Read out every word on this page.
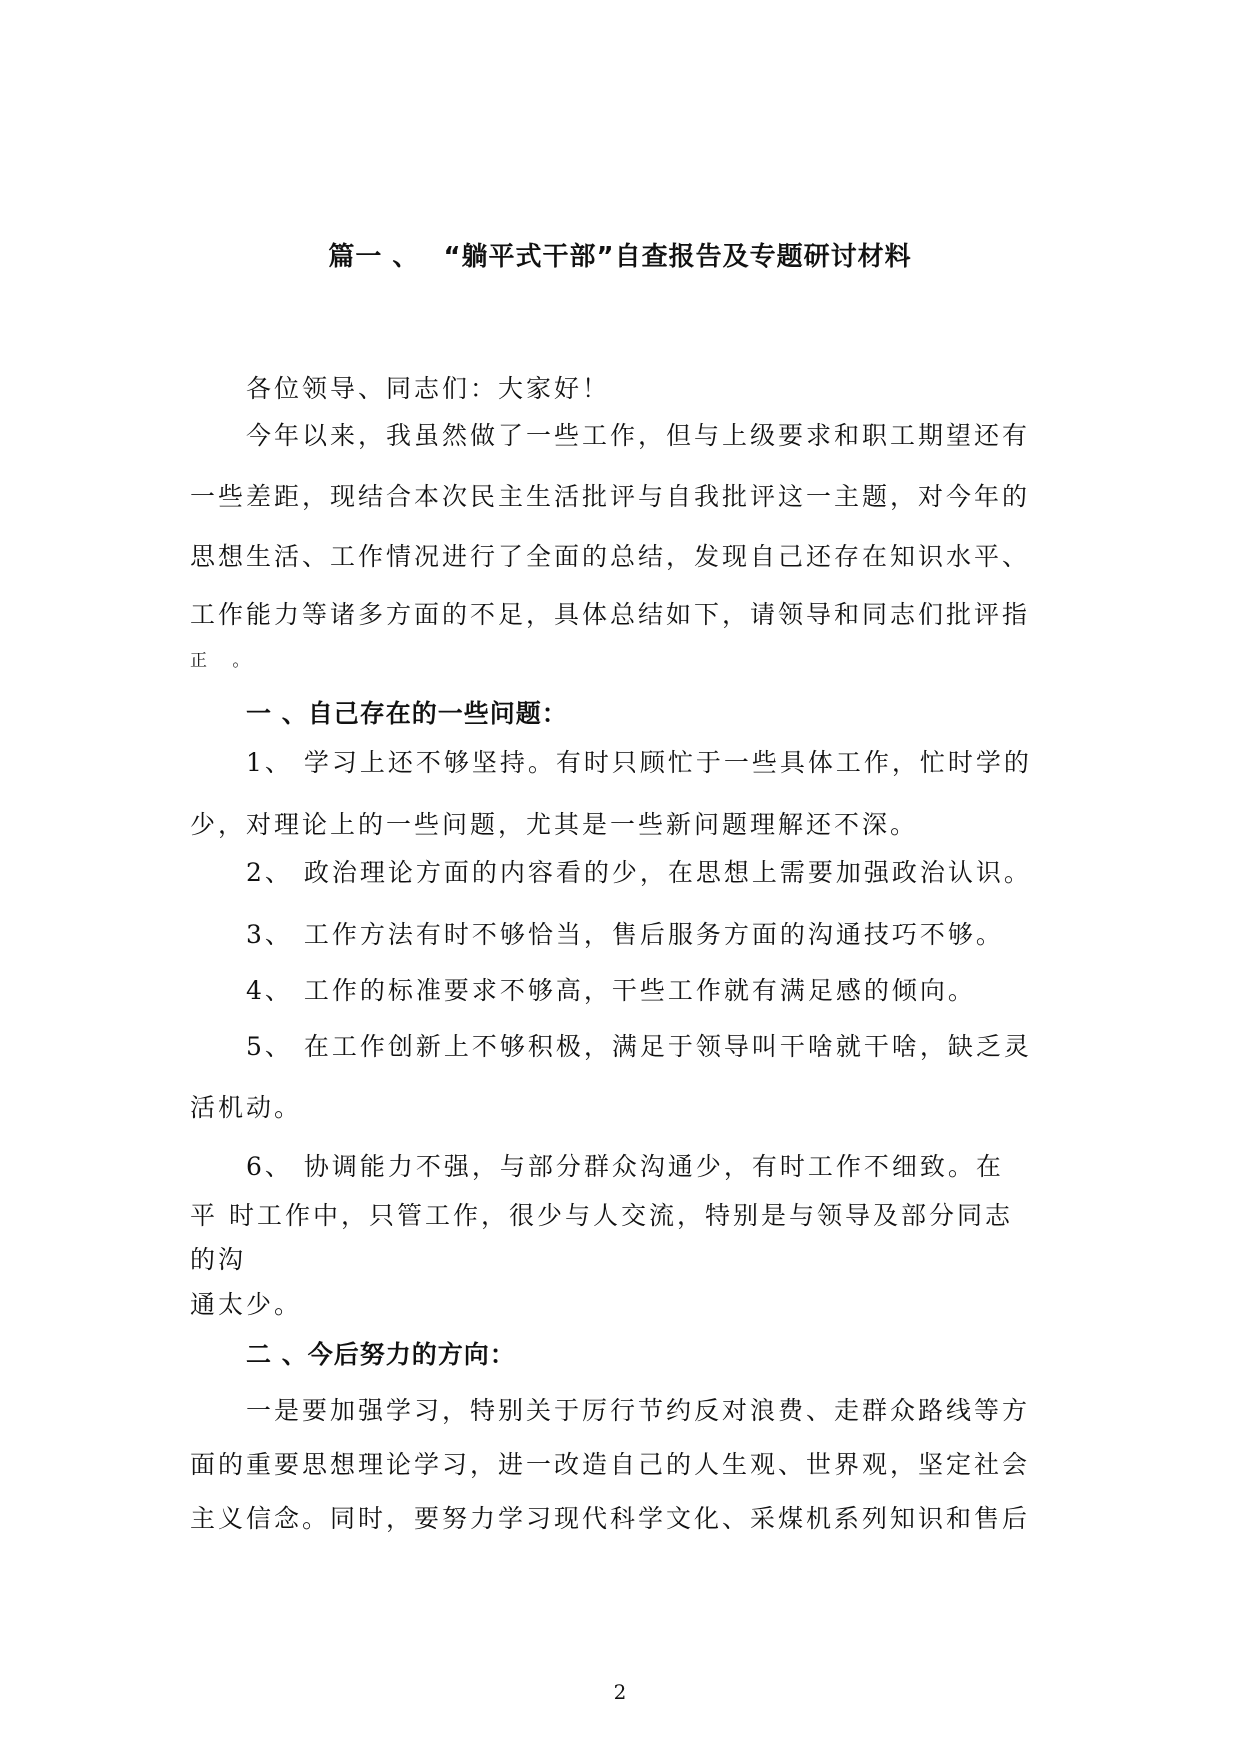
篇一 、　 “躺平式干部”自查报告及专题研讨材料
各位领导、同志们：大家好！
今年以来，我虽然做了一些工作，但与上级要求和职工期望还有
一些差距，现结合本次民主生活批评与自我批评这一主题，对今年的
思想生活、工作情况进行了全面的总结，发现自己还存在知识水平、
工作能力等诸多方面的不足，具体总结如下，请领导和同志们批评指
正 。
一 、自己存在的一些问题：
1、 学习上还不够坚持。有时只顾忙于一些具体工作，忙时学的
少，对理论上的一些问题，尤其是一些新问题理解还不深。
2、 政治理论方面的内容看的少，在思想上需要加强政治认识。
3、 工作方法有时不够恰当，售后服务方面的沟通技巧不够。
4、 工作的标准要求不够高，干些工作就有满足感的倾向。
5、 在工作创新上不够积极，满足于领导叫干啥就干啥，缺乏灵
活机动。
6、 协调能力不强，与部分群众沟通少，有时工作不细致。在
平 时工作中，只管工作，很少与人交流，特别是与领导及部分同志
的沟
通太少。
二 、今后努力的方向：
一是要加强学习，特别关于厉行节约反对浪费、走群众路线等方
面的重要思想理论学习，进一改造自己的人生观、世界观，坚定社会
主义信念。同时，要努力学习现代科学文化、采煤机系列知识和售后
2
